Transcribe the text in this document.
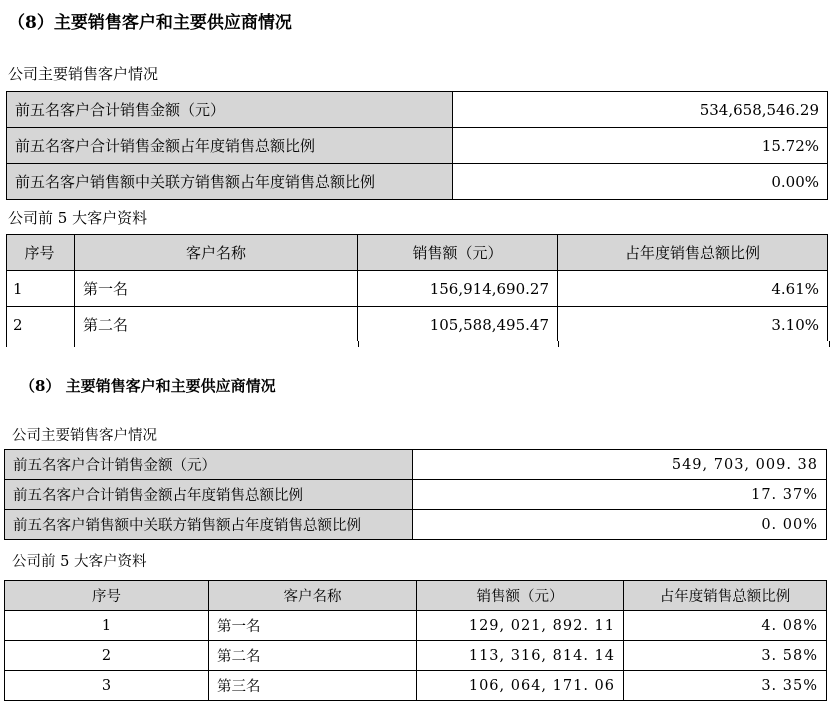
（8）主要销售客户和主要供应商情况
公司主要销售客户情况
前五名客户合计销售金额（元）	534,658,546.29
前五名客户合计销售金额占年度销售总额比例	15.72%
前五名客户销售额中关联方销售额占年度销售总额比例	0.00%
公司前 5 大客户资料
序号	客户名称	销售额（元）	占年度销售总额比例
1	第一名	156,914,690.27	4.61%
2	第二名	105,588,495.47	3.10%
（8） 主要销售客户和主要供应商情况
公司主要销售客户情况
前五名客户合计销售金额（元）	549, 703, 009. 38
前五名客户合计销售金额占年度销售总额比例	17. 37%
前五名客户销售额中关联方销售额占年度销售总额比例	0. 00%
公司前 5 大客户资料
序号	客户名称	销售额（元）	占年度销售总额比例
1	第一名	129, 021, 892. 11	4. 08%
2	第二名	113, 316, 814. 14	3. 58%
3	第三名	106, 064, 171. 06	3. 35%
